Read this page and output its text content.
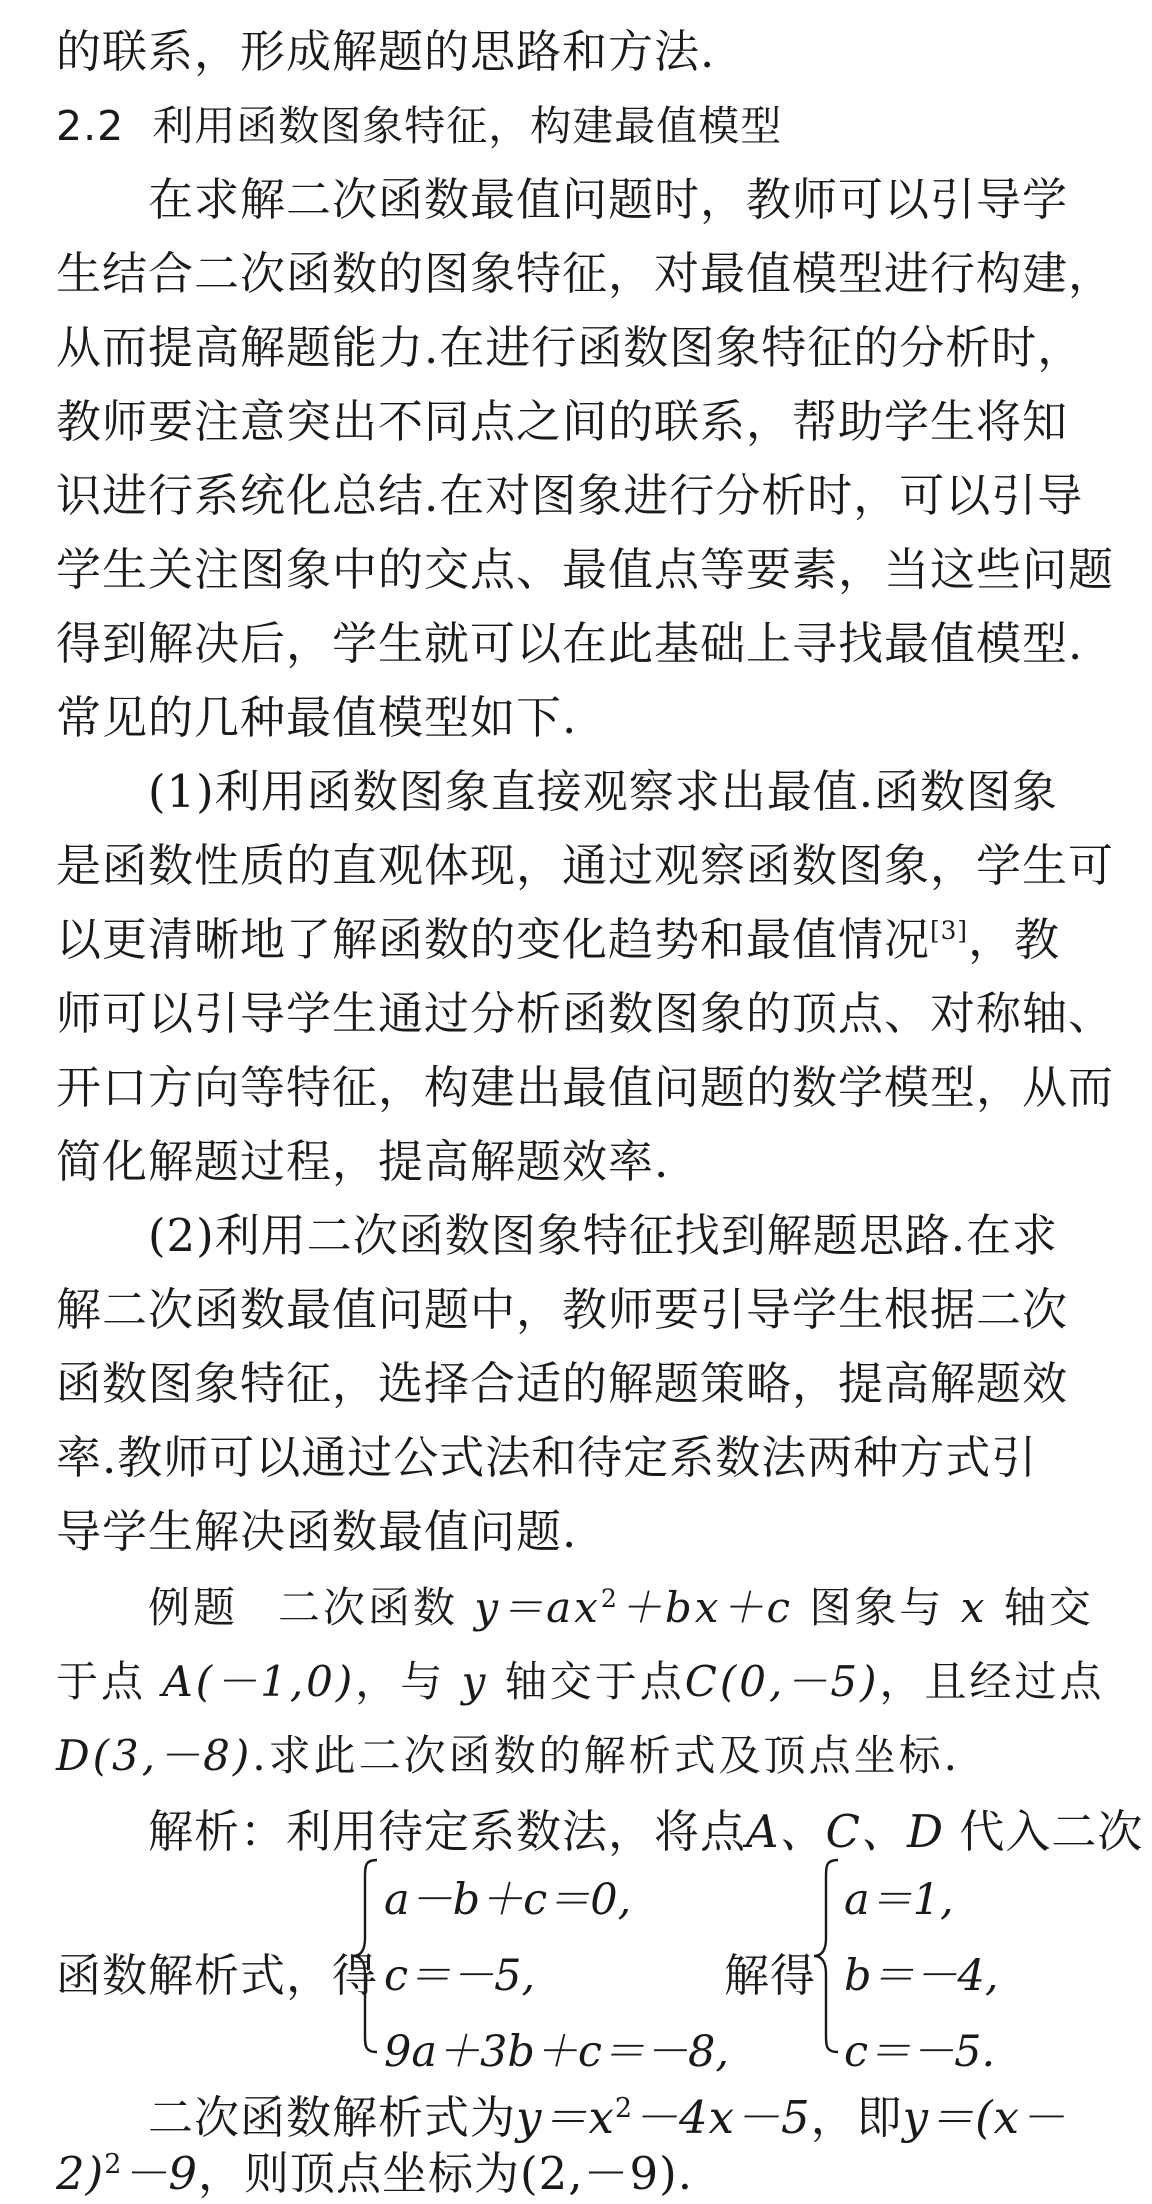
的联系，形成解题的思路和方法.
2.2 利用函数图象特征，构建最值模型
在求解二次函数最值问题时，教师可以引导学
生结合二次函数的图象特征，对最值模型进行构建，
从而提高解题能力.在进行函数图象特征的分析时，
教师要注意突出不同点之间的联系，帮助学生将知
识进行系统化总结.在对图象进行分析时，可以引导
学生关注图象中的交点、最值点等要素，当这些问题
得到解决后，学生就可以在此基础上寻找最值模型.
常见的几种最值模型如下.
(1)利用函数图象直接观察求出最值.函数图象
是函数性质的直观体现，通过观察函数图象，学生可
以更清晰地了解函数的变化趋势和最值情况[3]，教
师可以引导学生通过分析函数图象的顶点、对称轴、
开口方向等特征，构建出最值问题的数学模型，从而
简化解题过程，提高解题效率.
(2)利用二次函数图象特征找到解题思路.在求
解二次函数最值问题中，教师要引导学生根据二次
函数图象特征，选择合适的解题策略，提高解题效
率.教师可以通过公式法和待定系数法两种方式引
导学生解决函数最值问题.
例题 二次函数 $y=ax^2+bx+c$ 图象与 x 轴交
于点 A(－1,0)，与 y 轴交于点C(0,－5)，且经过点
D(3,－8).求此二次函数的解析式及顶点坐标.
解析：利用待定系数法，将点A、C、D 代入二次
函数解析式，得
a－b＋c＝0,
c＝－5,
9a＋3b＋c＝－8,
解得
a＝1,
b＝－4,
c＝－5.
二次函数解析式为$y=x^2-4x-5$，即y＝(x－
2)$^2$－9，则顶点坐标为(2,－9).
